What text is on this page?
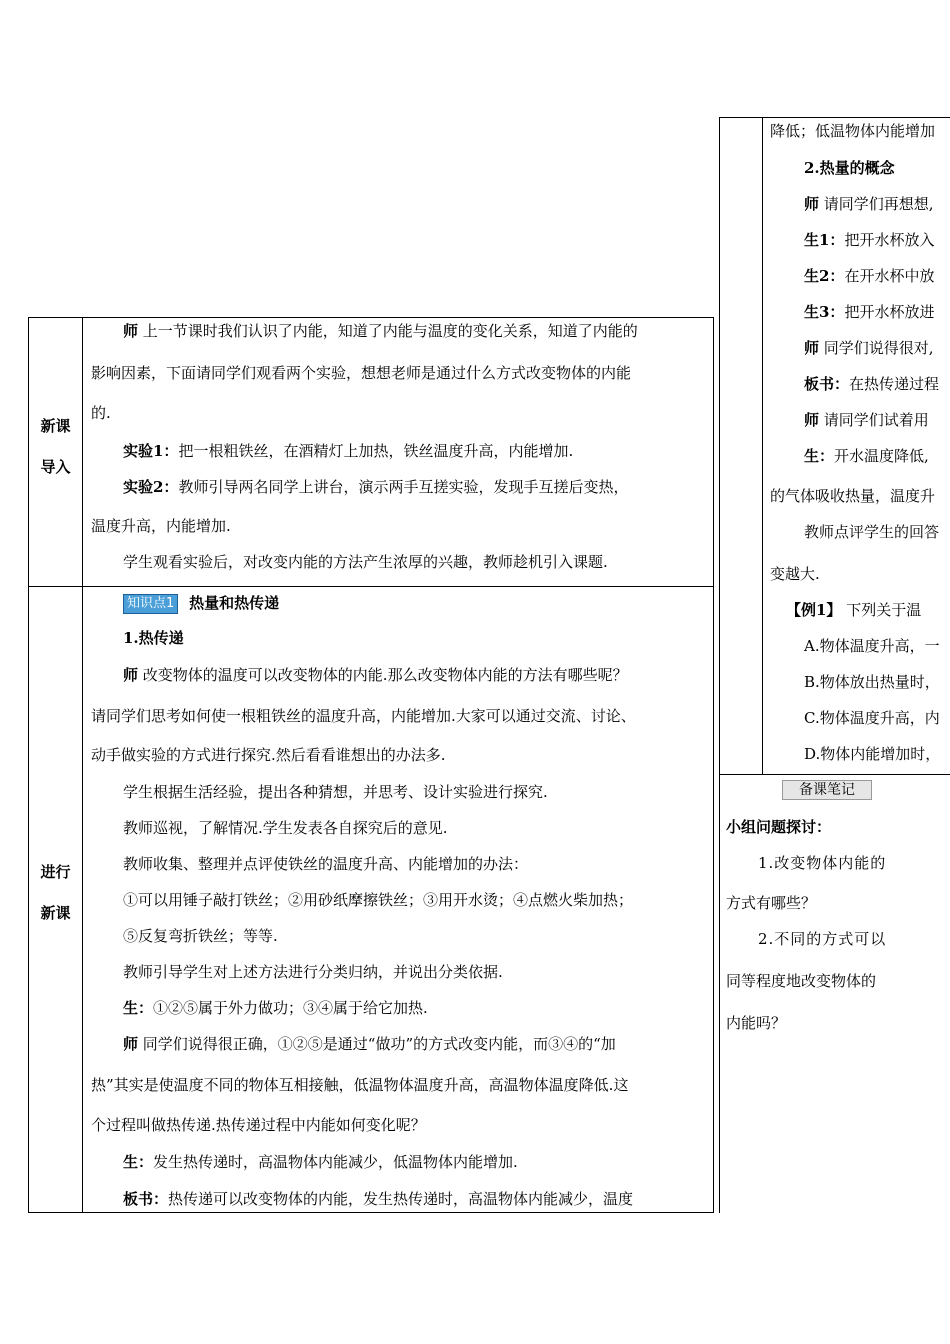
新课
导入
师 上一节课时我们认识了内能，知道了内能与温度的变化关系，知道了内能的
影响因素，下面请同学们观看两个实验，想想老师是通过什么方式改变物体的内能
的.
实验1：把一根粗铁丝，在酒精灯上加热，铁丝温度升高，内能增加.
实验2：教师引导两名同学上讲台，演示两手互搓实验，发现手互搓后变热，
温度升高，内能增加.
学生观看实验后，对改变内能的方法产生浓厚的兴趣，教师趁机引入课题.
进行
新课
知识点1 热量和热传递
1.热传递
师 改变物体的温度可以改变物体的内能.那么改变物体内能的方法有哪些呢？
请同学们思考如何使一根粗铁丝的温度升高，内能增加.大家可以通过交流、讨论、
动手做实验的方式进行探究.然后看看谁想出的办法多.
学生根据生活经验，提出各种猜想，并思考、设计实验进行探究.
教师巡视，了解情况.学生发表各自探究后的意见.
教师收集、整理并点评使铁丝的温度升高、内能增加的办法：
①可以用锤子敲打铁丝；②用砂纸摩擦铁丝；③用开水烫；④点燃火柴加热；
⑤反复弯折铁丝；等等.
教师引导学生对上述方法进行分类归纳，并说出分类依据.
生：①②⑤属于外力做功；③④属于给它加热.
师 同学们说得很正确，①②⑤是通过“做功”的方式改变内能，而③④的“加
热”其实是使温度不同的物体互相接触，低温物体温度升高，高温物体温度降低.这
个过程叫做热传递.热传递过程中内能如何变化呢？
生：发生热传递时，高温物体内能减少，低温物体内能增加.
板书：热传递可以改变物体的内能，发生热传递时，高温物体内能减少，温度
降低；低温物体内能增加
2.热量的概念
师 请同学们再想想,
生1：把开水杯放入
生2：在开水杯中放
生3：把开水杯放进
师 同学们说得很对,
板书：在热传递过程
师 请同学们试着用
生：开水温度降低,
的气体吸收热量，温度升
教师点评学生的回答
变越大.
【例1】 下列关于温
A.物体温度升高，一
B.物体放出热量时，
C.物体温度升高，内
D.物体内能增加时，
备课笔记
小组问题探讨：
1.改变物体内能的
方式有哪些？
2.不同的方式可以
同等程度地改变物体的
内能吗？
